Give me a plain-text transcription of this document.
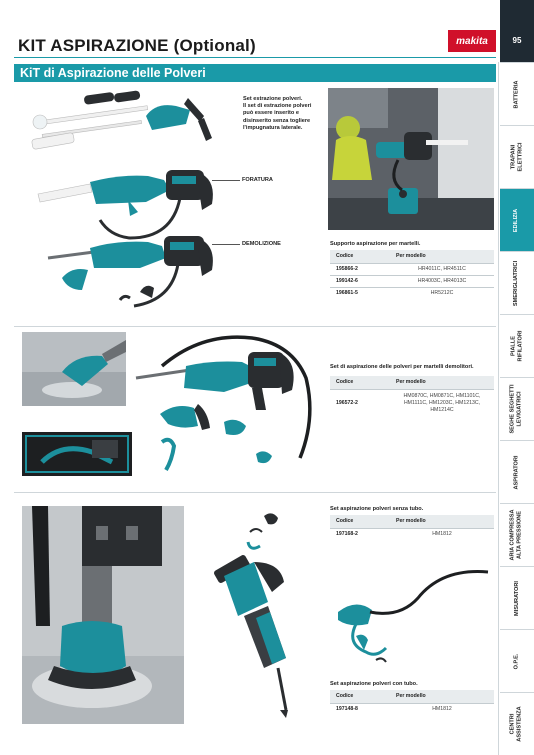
KIT ASPIRAZIONE (Optional)	makita	95
KiT di Aspirazione delle Polveri
BATTERIA
TRAPANI
ELETTRICI
EDILIZIA
SMERIGLIATRICI
PIALLE
RIFILATORI
SEGHE SEGHETTI
LEVIGATRICI
ASPIRATORI
ARIA COMPRESSA
ALTA PRESSIONE
MISURATORI
O.P.E.
CENTRI
ASSISTENZA
Set estrazione polveri.
Il set di estrazione polveri
può essere inserito e
disinserito senza togliere
l'impugnatura laterale.
FORATURA
DEMOLIZIONE	Supporto aspirazione per martelli.
Codice	Per modello
195866-2	HR4011C, HR4511C
199142-6	HR4003C, HR4013C
196861-5	HR5212C
Set di aspirazione delle polveri per martelli demolitori.
Codice	Per modello
196572-2	HM0870C, HM0871C, HM1101C,
HM1111C, HM1203C, HM1213C,
HM1214C
Set aspirazione polveri senza tubo.
Codice	Per modello
197168-2	HM1812
Set aspirazione polveri con tubo.
Codice	Per modello
197148-8	HM1812
